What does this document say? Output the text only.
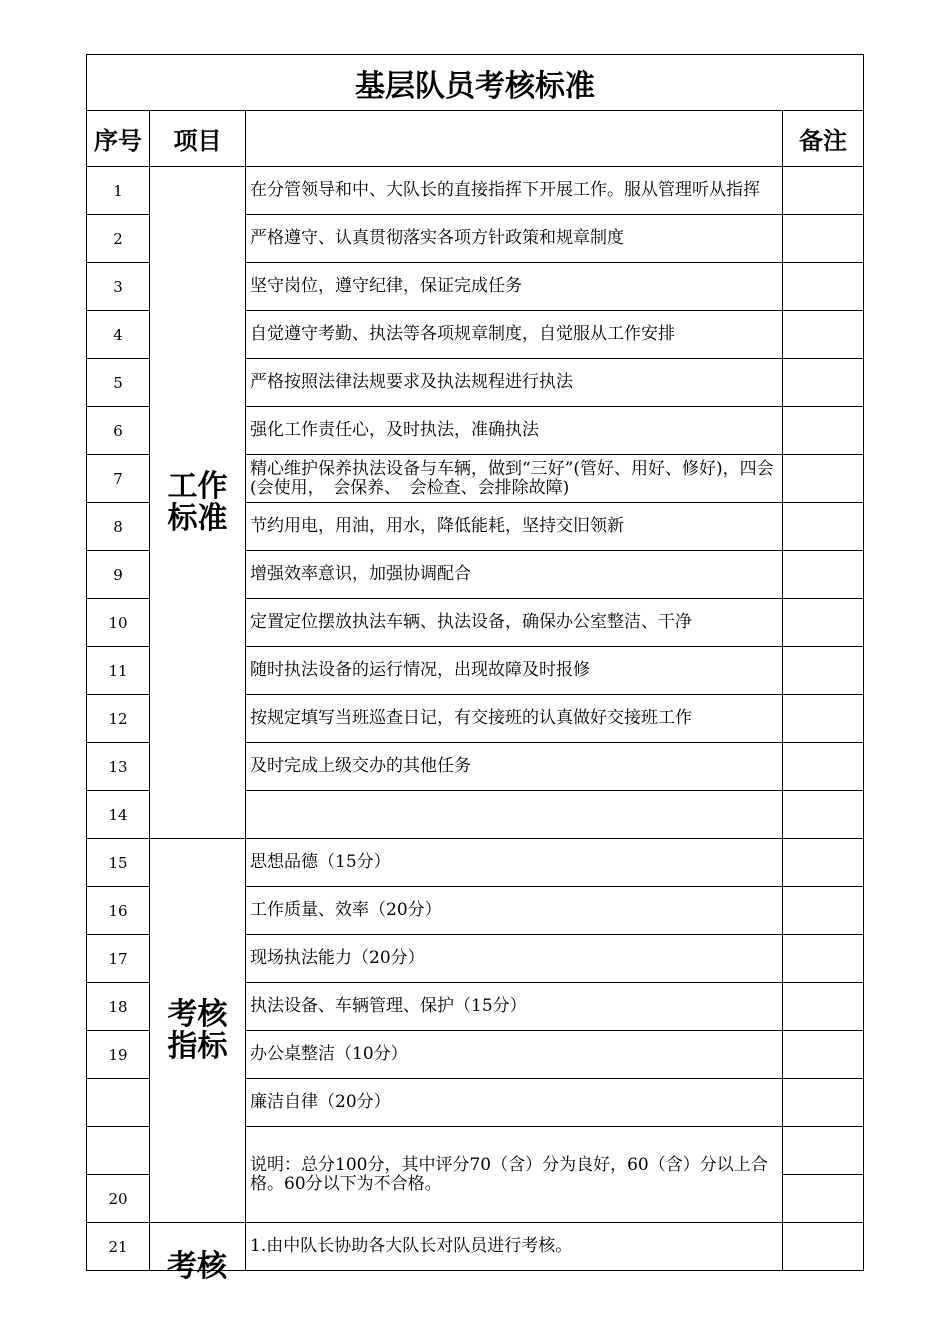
基层队员考核标准			
序号	项目		备注
1	工作标准	在分管领导和中、大队长的直接指挥下开展工作。服从管理听从指挥	
2		严格遵守、认真贯彻落实各项方针政策和规章制度	
3		坚守岗位，遵守纪律，保证完成任务	
4		自觉遵守考勤、执法等各项规章制度，自觉服从工作安排	
5		严格按照法律法规要求及执法规程进行执法	
6		强化工作责任心，及时执法，准确执法	
7		精心维护保养执法设备与车辆，做到“三好”(管好、用好、修好)，四会(会使用，　会保养、　会检查、会排除故障)	
8		节约用电，用油，用水，降低能耗，坚持交旧领新	
9		增强效率意识，加强协调配合	
10		定置定位摆放执法车辆、执法设备，确保办公室整洁、干净	
11		随时执法设备的运行情况，出现故障及时报修	
12		按规定填写当班巡查日记，有交接班的认真做好交接班工作	
13		及时完成上级交办的其他任务	
14			
15	考核指标	思想品德（15分）	
16		工作质量、效率（20分）	
17		现场执法能力（20分）	
18		执法设备、车辆管理、保护（15分）	
19		办公桌整洁（10分）	
		廉洁自律（20分）	
		说明：总分100分，其中评分70（含）分为良好，60（含）分以上合格。60分以下为不合格。	
20			
21		1.由中队长协助各大队长对队员进行考核。	
考核
